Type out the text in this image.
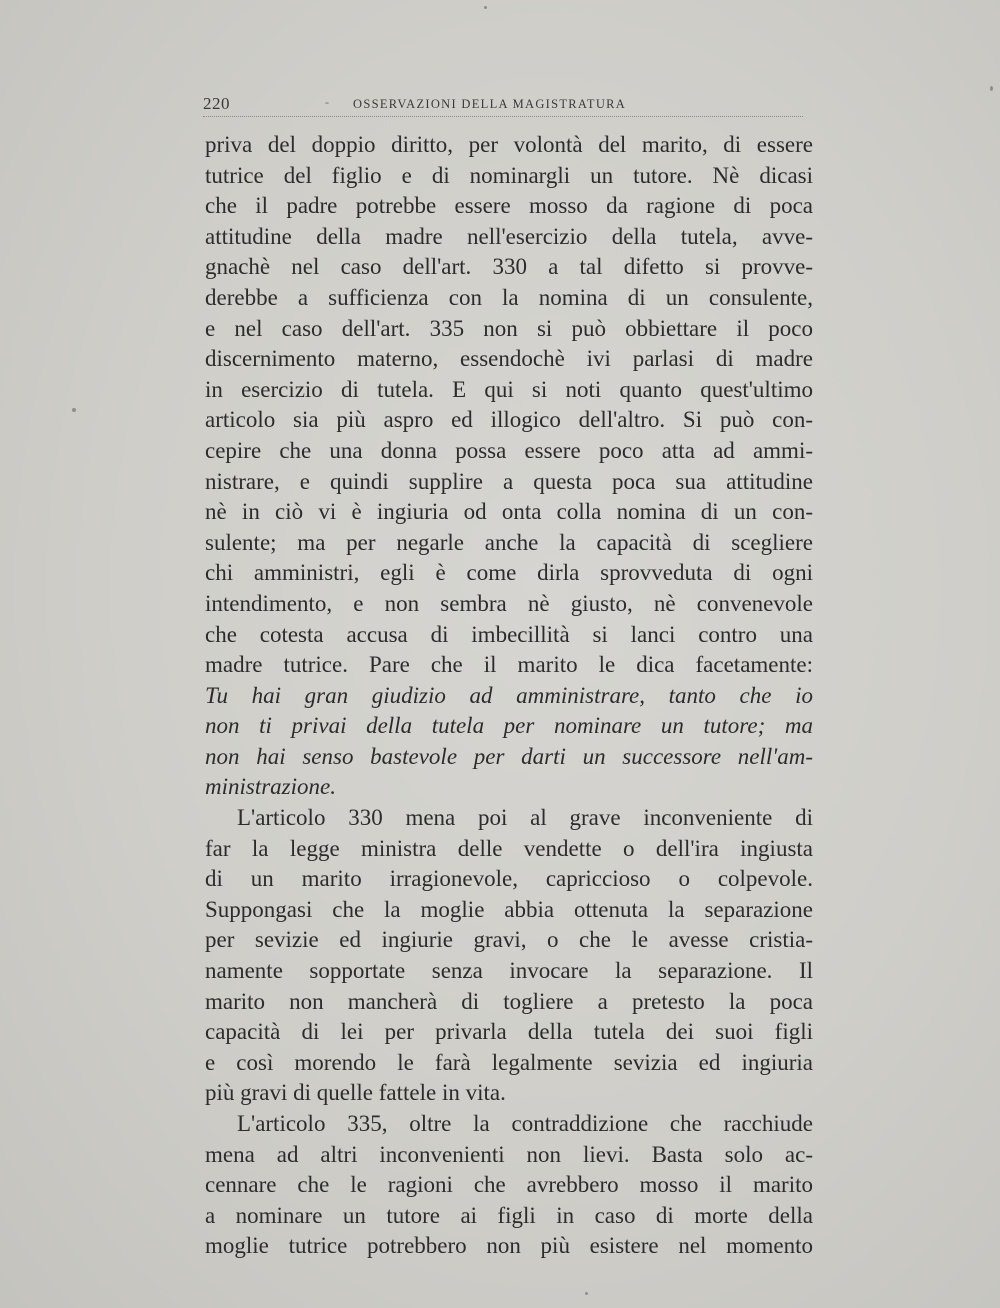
220	- OSSERVAZIONI DELLA MAGISTRATURA
priva del doppio diritto, per volontà del marito, di essere
tutrice del figlio e di nominargli un tutore. Nè dicasi
che il padre potrebbe essere mosso da ragione di poca
attitudine della madre nell'esercizio della tutela, avve-
gnachè nel caso dell'art. 330 a tal difetto si provve-
derebbe a sufficienza con la nomina di un consulente,
e nel caso dell'art. 335 non si può obbiettare il poco
discernimento materno, essendochè ivi parlasi di madre
in esercizio di tutela. E qui si noti quanto quest'ultimo
articolo sia più aspro ed illogico dell'altro. Si può con-
cepire che una donna possa essere poco atta ad ammi-
nistrare, e quindi supplire a questa poca sua attitudine
nè in ciò vi è ingiuria od onta colla nomina di un con-
sulente; ma per negarle anche la capacità di scegliere
chi amministri, egli è come dirla sprovveduta di ogni
intendimento, e non sembra nè giusto, nè convenevole
che cotesta accusa di imbecillità si lanci contro una
madre tutrice. Pare che il marito le dica facetamente:
Tu hai gran giudizio ad amministrare, tanto che io
non ti privai della tutela per nominare un tutore; ma
non hai senso bastevole per darti un successore nell'am-
ministrazione.
L'articolo 330 mena poi al grave inconveniente di
far la legge ministra delle vendette o dell'ira ingiusta
di un marito irragionevole, capriccioso o colpevole.
Suppongasi che la moglie abbia ottenuta la separazione
per sevizie ed ingiurie gravi, o che le avesse cristia-
namente sopportate senza invocare la separazione. Il
marito non mancherà di togliere a pretesto la poca
capacità di lei per privarla della tutela dei suoi figli
e così morendo le farà legalmente sevizia ed ingiuria
più gravi di quelle fattele in vita.
L'articolo 335, oltre la contraddizione che racchiude
mena ad altri inconvenienti non lievi. Basta solo ac-
cennare che le ragioni che avrebbero mosso il marito
a nominare un tutore ai figli in caso di morte della
moglie tutrice potrebbero non più esistere nel momento
